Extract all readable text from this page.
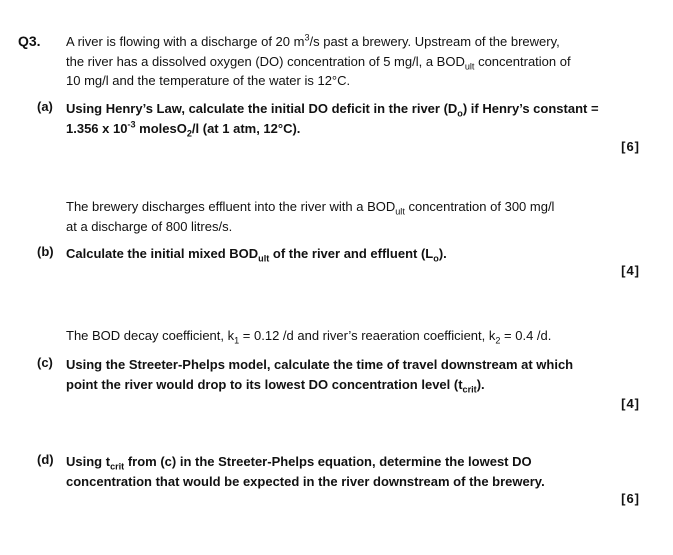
Q3. A river is flowing with a discharge of 20 $m^3/s$ past a brewery. Upstream of the brewery,
the river has a dissolved oxygen (DO) concentration of 5 mg/l, a $BOD_{ult}$ concentration of
10 mg/l and the temperature of the water is 12°C.
(a) Using Henry’s Law, calculate the initial DO deficit in the river $(D_o)$ if Henry’s constant =
1.356 x $10^{-3}$ molesO$_2$/l (at 1 atm, 12°C).
[6]
The brewery discharges effluent into the river with a $BOD_{ult}$ concentration of 300 mg/l
at a discharge of 800 litres/s.
(b) Calculate the initial mixed $BOD_{ult}$ of the river and effluent $(L_o)$.
[4]
The BOD decay coefficient, $k_1 = 0.12$ /d and river’s reaeration coefficient, $k_2 = 0.4$ /d.
(c) Using the Streeter-Phelps model, calculate the time of travel downstream at which
point the river would drop to its lowest DO concentration level $(t_{crit})$.
[4]
(d) Using $t_{crit}$ from (c) in the Streeter-Phelps equation, determine the lowest DO
concentration that would be expected in the river downstream of the brewery.
[6]
